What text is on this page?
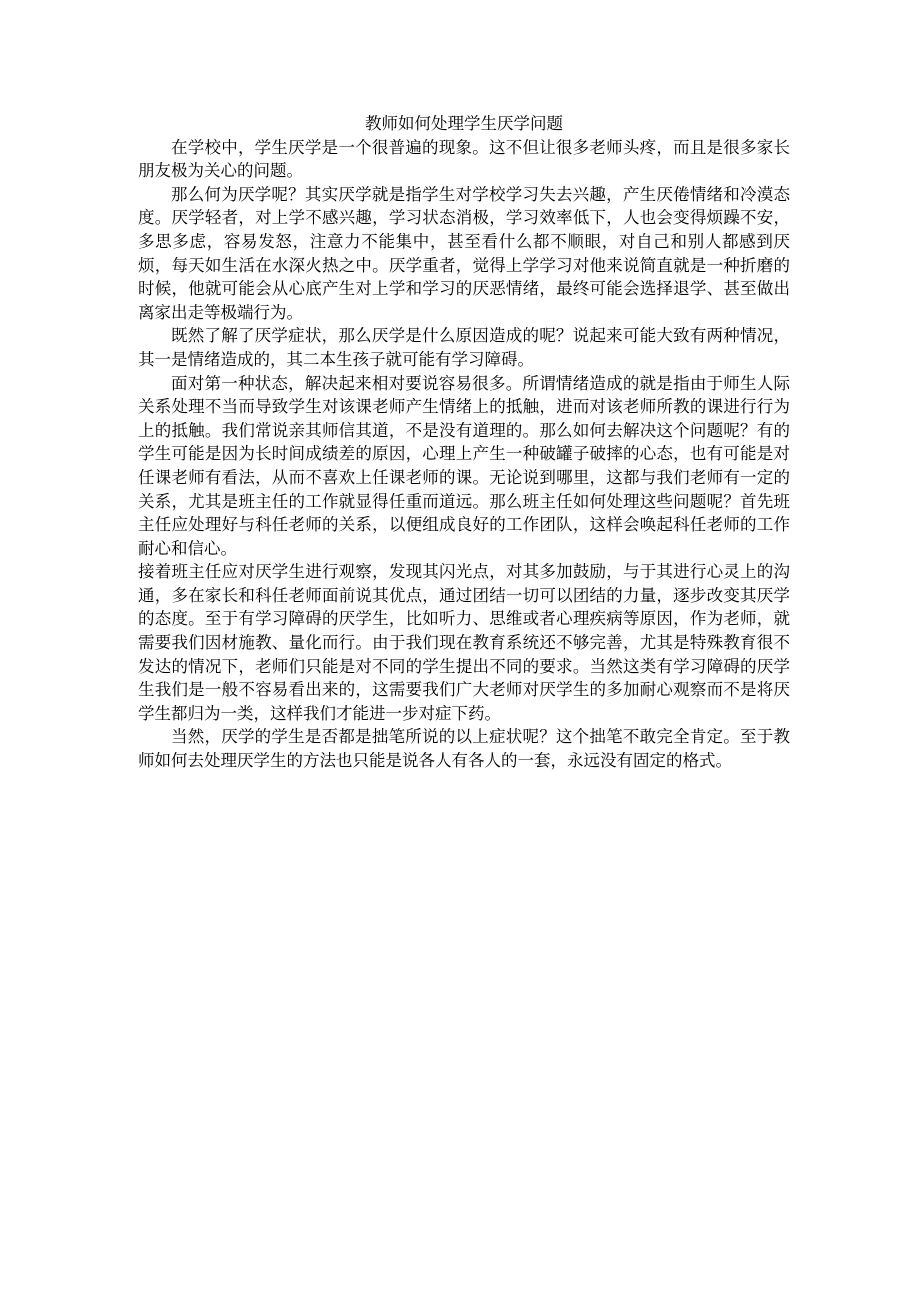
教师如何处理学生厌学问题

在学校中，学生厌学是一个很普遍的现象。这不但让很多老师头疼，而且是很多家长朋友极为关心的问题。

那么何为厌学呢？其实厌学就是指学生对学校学习失去兴趣，产生厌倦情绪和冷漠态度。厌学轻者，对上学不感兴趣，学习状态消极，学习效率低下，人也会变得烦躁不安，多思多虑，容易发怒，注意力不能集中，甚至看什么都不顺眼，对自己和别人都感到厌烦，每天如生活在水深火热之中。厌学重者，觉得上学学习对他来说简直就是一种折磨的时候，他就可能会从心底产生对上学和学习的厌恶情绪，最终可能会选择退学、甚至做出离家出走等极端行为。

既然了解了厌学症状，那么厌学是什么原因造成的呢？说起来可能大致有两种情况，其一是情绪造成的，其二本生孩子就可能有学习障碍。

面对第一种状态，解决起来相对要说容易很多。所谓情绪造成的就是指由于师生人际关系处理不当而导致学生对该课老师产生情绪上的抵触，进而对该老师所教的课进行行为上的抵触。我们常说亲其师信其道，不是没有道理的。那么如何去解决这个问题呢？有的学生可能是因为长时间成绩差的原因，心理上产生一种破罐子破摔的心态，也有可能是对任课老师有看法，从而不喜欢上任课老师的课。无论说到哪里，这都与我们老师有一定的关系，尤其是班主任的工作就显得任重而道远。那么班主任如何处理这些问题呢？首先班主任应处理好与科任老师的关系，以便组成良好的工作团队，这样会唤起科任老师的工作耐心和信心。

接着班主任应对厌学生进行观察，发现其闪光点，对其多加鼓励，与于其进行心灵上的沟通，多在家长和科任老师面前说其优点，通过团结一切可以团结的力量，逐步改变其厌学的态度。至于有学习障碍的厌学生，比如听力、思维或者心理疾病等原因，作为老师，就需要我们因材施教、量化而行。由于我们现在教育系统还不够完善，尤其是特殊教育很不发达的情况下，老师们只能是对不同的学生提出不同的要求。当然这类有学习障碍的厌学生我们是一般不容易看出来的，这需要我们广大老师对厌学生的多加耐心观察而不是将厌学生都归为一类，这样我们才能进一步对症下药。

当然，厌学的学生是否都是拙笔所说的以上症状呢？这个拙笔不敢完全肯定。至于教师如何去处理厌学生的方法也只能是说各人有各人的一套，永远没有固定的格式。
